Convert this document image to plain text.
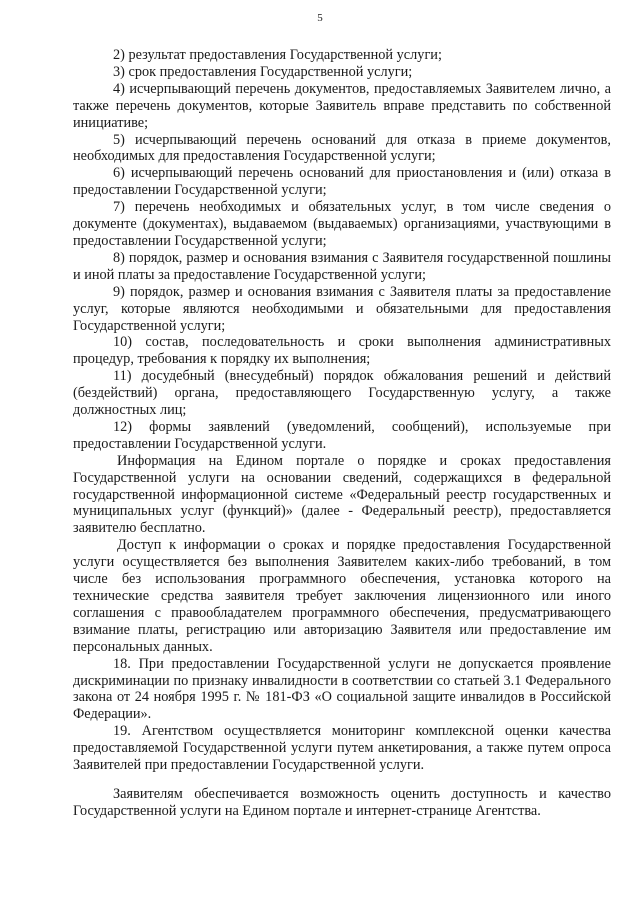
5

2) результат предоставления Государственной услуги;

3) срок предоставления Государственной услуги;

4) исчерпывающий перечень документов, предоставляемых Заявителем лично, а также перечень документов, которые Заявитель вправе представить по собственной инициативе;

5) исчерпывающий перечень оснований для отказа в приеме документов, необходимых для предоставления Государственной услуги;

6) исчерпывающий перечень оснований для приостановления и (или) отказа в предоставлении Государственной услуги;

7) перечень необходимых и обязательных услуг, в том числе сведения о документе (документах), выдаваемом (выдаваемых) организациями, участвующими в предоставлении Государственной услуги;

8) порядок, размер и основания взимания с Заявителя государственной пошлины и иной платы за предоставление Государственной услуги;

9) порядок, размер и основания взимания с Заявителя платы за предоставление услуг, которые являются необходимыми и обязательными для предоставления Государственной услуги;

10) состав, последовательность и сроки выполнения административных процедур, требования к порядку их выполнения;

11) досудебный (внесудебный) порядок обжалования решений и действий (бездействий) органа, предоставляющего Государственную услугу, а также должностных лиц;

12) формы заявлений (уведомлений, сообщений), используемые при предоставлении Государственной услуги.

Информация на Едином портале о порядке и сроках предоставления Государственной услуги на основании сведений, содержащихся в федеральной государственной информационной системе «Федеральный реестр государственных и муниципальных услуг (функций)» (далее - Федеральный реестр), предоставляется заявителю бесплатно.

Доступ к информации о сроках и порядке предоставления Государственной услуги осуществляется без выполнения Заявителем каких-либо требований, в том числе без использования программного обеспечения, установка которого на технические средства заявителя требует заключения лицензионного или иного соглашения с правообладателем программного обеспечения, предусматривающего взимание платы, регистрацию или авторизацию Заявителя или предоставление им персональных данных.

18. При предоставлении Государственной услуги не допускается проявление дискриминации по признаку инвалидности в соответствии со статьей 3.1 Федерального закона от 24 ноября 1995 г. № 181-ФЗ «О социальной защите инвалидов в Российской Федерации».

19. Агентством осуществляется мониторинг комплексной оценки качества предоставляемой Государственной услуги путем анкетирования, а также путем опроса Заявителей при предоставлении Государственной услуги.

Заявителям обеспечивается возможность оценить доступность и качество Государственной услуги на Едином портале и интернет-странице Агентства.
